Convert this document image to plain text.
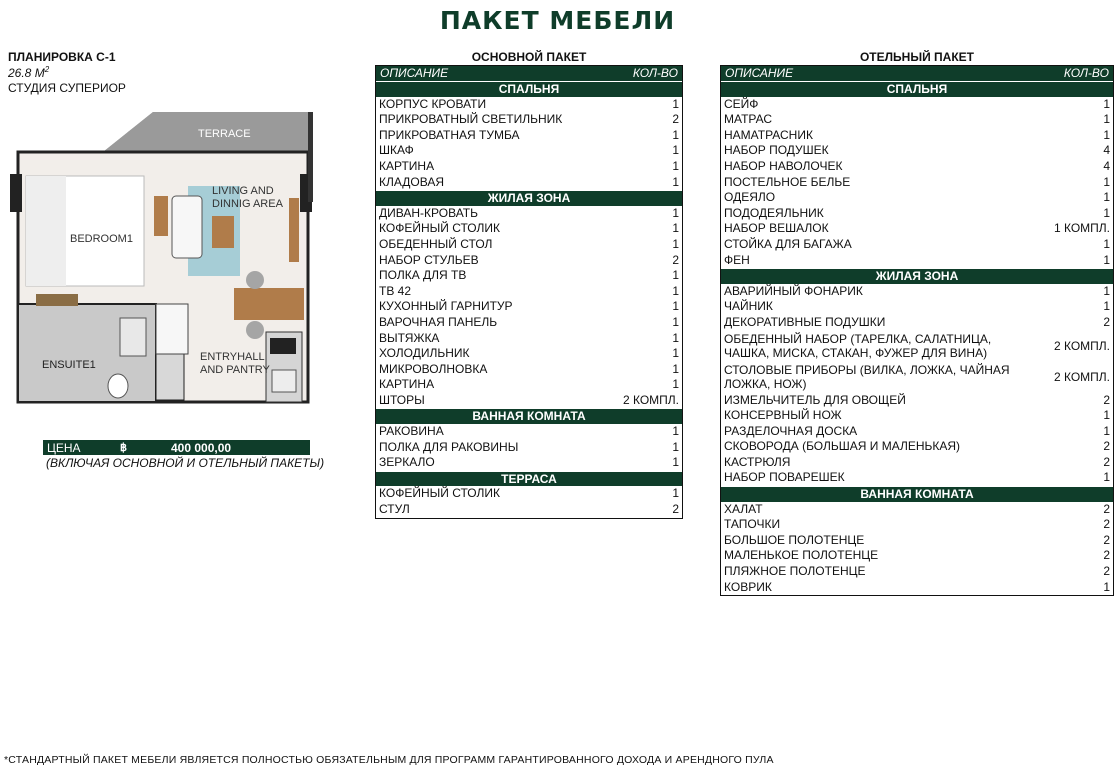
ПАКЕТ МЕБЕЛИ
ПЛАНИРОВКА С-1
26.8 $М^2$
СТУДИЯ СУПЕРИОР
TERRACE
LIVING AND
DINNIG AREA
BEDROOM1
ENSUITE1
ENTRYHALL
AND PANTRY
ЦЕНА	฿	400 000,00
(ВКЛЮЧАЯ ОСНОВНОЙ И ОТЕЛЬНЫЙ ПАКЕТЫ)
ОСНОВНОЙ ПАКЕТ
ОПИСАНИЕ	КОЛ-ВО
СПАЛЬНЯ
КОРПУС КРОВАТИ	1
ПРИКРОВАТНЫЙ СВЕТИЛЬНИК	2
ПРИКРОВАТНАЯ ТУМБА	1
ШКАФ	1
КАРТИНА	1
КЛАДОВАЯ	1
ЖИЛАЯ ЗОНА
ДИВАН-КРОВАТЬ	1
КОФЕЙНЫЙ СТОЛИК	1
ОБЕДЕННЫЙ СТОЛ	1
НАБОР СТУЛЬЕВ	2
ПОЛКА ДЛЯ ТВ	1
ТВ 42	1
КУХОННЫЙ ГАРНИТУР	1
ВАРОЧНАЯ ПАНЕЛЬ	1
ВЫТЯЖКА	1
ХОЛОДИЛЬНИК	1
МИКРОВОЛНОВКА	1
КАРТИНА	1
ШТОРЫ	2 КОМПЛ.
ВАННАЯ КОМНАТА
РАКОВИНА	1
ПОЛКА ДЛЯ РАКОВИНЫ	1
ЗЕРКАЛО	1
ТЕРРАСА
КОФЕЙНЫЙ СТОЛИК	1
СТУЛ	2
ОТЕЛЬНЫЙ ПАКЕТ
ОПИСАНИЕ	КОЛ-ВО
СПАЛЬНЯ
СЕЙФ	1
МАТРАС	1
НАМАТРАСНИК	1
НАБОР ПОДУШЕК	4
НАБОР НАВОЛОЧЕК	4
ПОСТЕЛЬНОЕ БЕЛЬЕ	1
ОДЕЯЛО	1
ПОДОДЕЯЛЬНИК	1
НАБОР ВЕШАЛОК	1 КОМПЛ.
СТОЙКА ДЛЯ БАГАЖА	1
ФЕН	1
ЖИЛАЯ ЗОНА
АВАРИЙНЫЙ ФОНАРИК	1
ЧАЙНИК	1
ДЕКОРАТИВНЫЕ ПОДУШКИ	2
ОБЕДЕННЫЙ НАБОР (ТАРЕЛКА, САЛАТНИЦА, ЧАШКА, МИСКА, СТАКАН, ФУЖЕР ДЛЯ ВИНА)	2 КОМПЛ.
СТОЛОВЫЕ ПРИБОРЫ (ВИЛКА, ЛОЖКА, ЧАЙНАЯ ЛОЖКА, НОЖ)	2 КОМПЛ.
ИЗМЕЛЬЧИТЕЛЬ ДЛЯ ОВОЩЕЙ	2
КОНСЕРВНЫЙ НОЖ	1
РАЗДЕЛОЧНАЯ ДОСКА	1
СКОВОРОДА (БОЛЬШАЯ И МАЛЕНЬКАЯ)	2
КАСТРЮЛЯ	2
НАБОР ПОВАРЕШЕК	1
ВАННАЯ КОМНАТА
ХАЛАТ	2
ТАПОЧКИ	2
БОЛЬШОЕ ПОЛОТЕНЦЕ	2
МАЛЕНЬКОЕ ПОЛОТЕНЦЕ	2
ПЛЯЖНОЕ ПОЛОТЕНЦЕ	2
КОВРИК	1
*СТАНДАРТНЫЙ ПАКЕТ МЕБЕЛИ ЯВЛЯЕТСЯ ПОЛНОСТЬЮ ОБЯЗАТЕЛЬНЫМ ДЛЯ ПРОГРАММ ГАРАНТИРОВАННОГО ДОХОДА И АРЕНДНОГО ПУЛА
